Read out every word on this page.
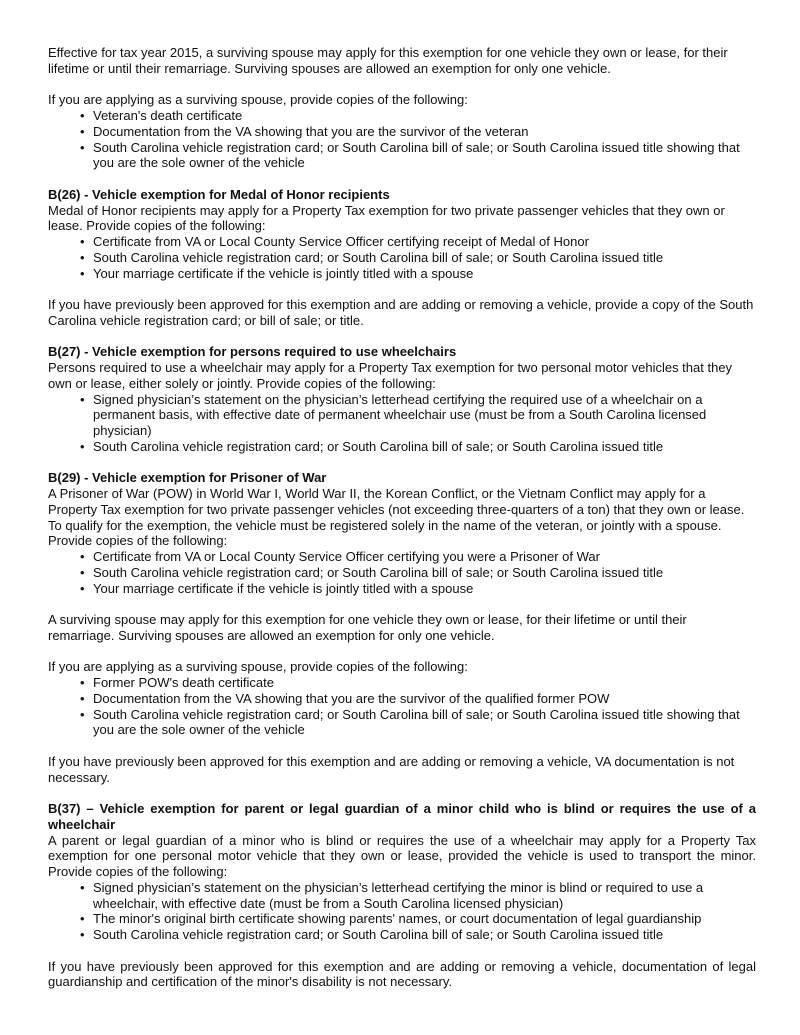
Effective for tax year 2015, a surviving spouse may apply for this exemption for one vehicle they own or lease, for their lifetime or until their remarriage. Surviving spouses are allowed an exemption for only one vehicle.

If you are applying as a surviving spouse, provide copies of the following:

• Veteran's death certificate
• Documentation from the VA showing that you are the survivor of the veteran
• South Carolina vehicle registration card; or South Carolina bill of sale; or South Carolina issued title showing that you are the sole owner of the vehicle
B(26) - Vehicle exemption for Medal of Honor recipients

Medal of Honor recipients may apply for a Property Tax exemption for two private passenger vehicles that they own or lease. Provide copies of the following:

• Certificate from VA or Local County Service Officer certifying receipt of Medal of Honor
• South Carolina vehicle registration card; or South Carolina bill of sale; or South Carolina issued title
• Your marriage certificate if the vehicle is jointly titled with a spouse

If you have previously been approved for this exemption and are adding or removing a vehicle, provide a copy of the South Carolina vehicle registration card; or bill of sale; or title.

B(27) - Vehicle exemption for persons required to use wheelchairs

Persons required to use a wheelchair may apply for a Property Tax exemption for two personal motor vehicles that they own or lease, either solely or jointly. Provide copies of the following:

• Signed physician’s statement on the physician’s letterhead certifying the required use of a wheelchair on a permanent basis, with effective date of permanent wheelchair use (must be from a South Carolina licensed physician)
• South Carolina vehicle registration card; or South Carolina bill of sale; or South Carolina issued title
B(29) - Vehicle exemption for Prisoner of War

A Prisoner of War (POW) in World War I, World War II, the Korean Conflict, or the Vietnam Conflict may apply for a Property Tax exemption for two private passenger vehicles (not exceeding three-quarters of a ton) that they own or lease. To qualify for the exemption, the vehicle must be registered solely in the name of the veteran, or jointly with a spouse. Provide copies of the following:

• Certificate from VA or Local County Service Officer certifying you were a Prisoner of War
• South Carolina vehicle registration card; or South Carolina bill of sale; or South Carolina issued title
• Your marriage certificate if the vehicle is jointly titled with a spouse

A surviving spouse may apply for this exemption for one vehicle they own or lease, for their lifetime or until their remarriage. Surviving spouses are allowed an exemption for only one vehicle.

If you are applying as a surviving spouse, provide copies of the following:

• Former POW's death certificate
• Documentation from the VA showing that you are the survivor of the qualified former POW
• South Carolina vehicle registration card; or South Carolina bill of sale; or South Carolina issued title showing that you are the sole owner of the vehicle

If you have previously been approved for this exemption and are adding or removing a vehicle, VA documentation is not necessary.

B(37) – Vehicle exemption for parent or legal guardian of a minor child who is blind or requires the use of a wheelchair

A parent or legal guardian of a minor who is blind or requires the use of a wheelchair may apply for a Property Tax exemption for one personal motor vehicle that they own or lease, provided the vehicle is used to transport the minor. Provide copies of the following:

• Signed physician’s statement on the physician’s letterhead certifying the minor is blind or required to use a wheelchair, with effective date (must be from a South Carolina licensed physician)
• The minor's original birth certificate showing parents' names, or court documentation of legal guardianship
• South Carolina vehicle registration card; or South Carolina bill of sale; or South Carolina issued title

If you have previously been approved for this exemption and are adding or removing a vehicle, documentation of legal guardianship and certification of the minor's disability is not necessary.
